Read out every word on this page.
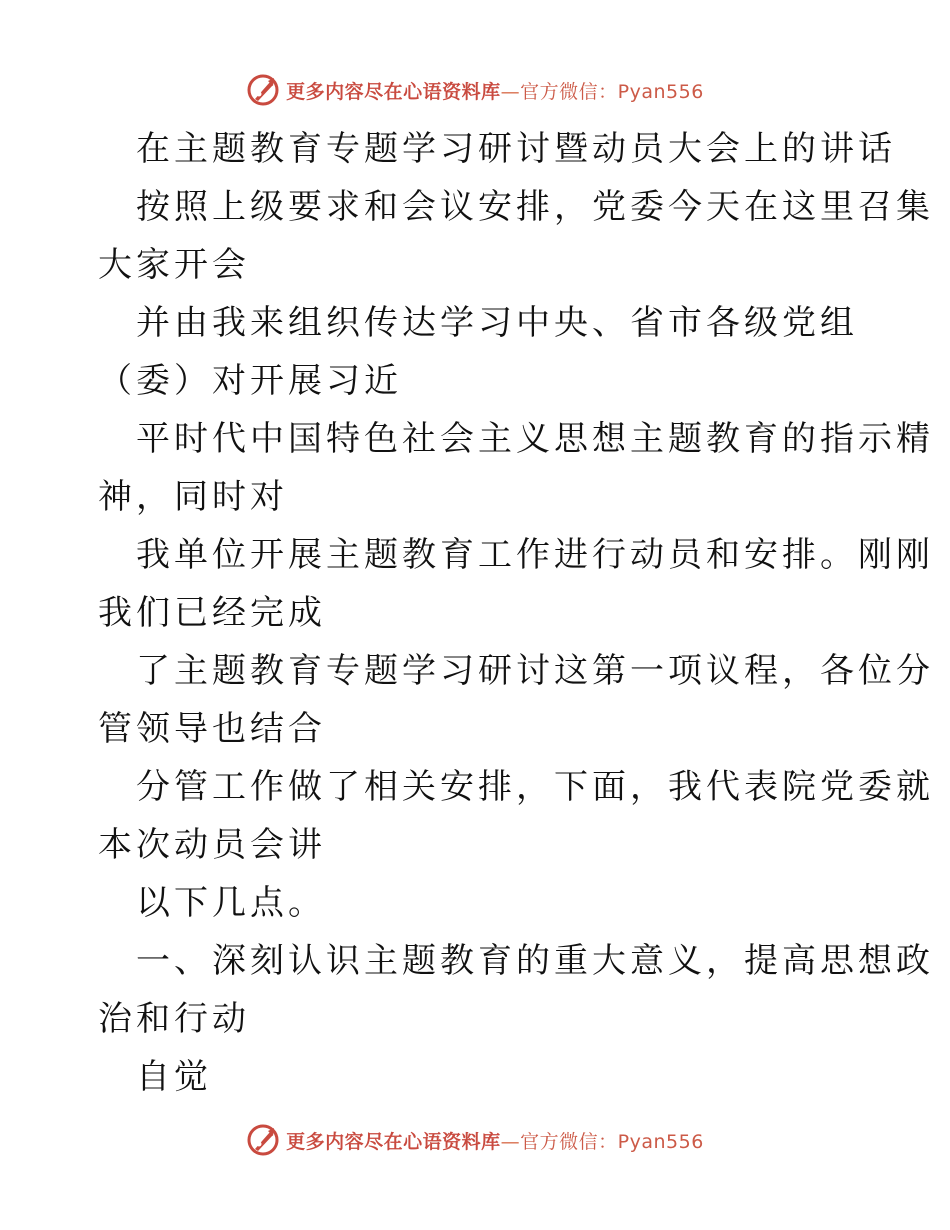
更多内容尽在心语资料库—官方微信：Pyan556

在主题教育专题学习研讨暨动员大会上的讲话

按照上级要求和会议安排，党委今天在这里召集

大家开会

并由我来组织传达学习中央、省市各级党组

（委）对开展习近

平时代中国特色社会主义思想主题教育的指示精

神，同时对

我单位开展主题教育工作进行动员和安排。刚刚

我们已经完成

了主题教育专题学习研讨这第一项议程，各位分

管领导也结合

分管工作做了相关安排，下面，我代表院党委就

本次动员会讲

以下几点。

一、深刻认识主题教育的重大意义，提高思想政

治和行动

自觉

更多内容尽在心语资料库—官方微信：Pyan556
